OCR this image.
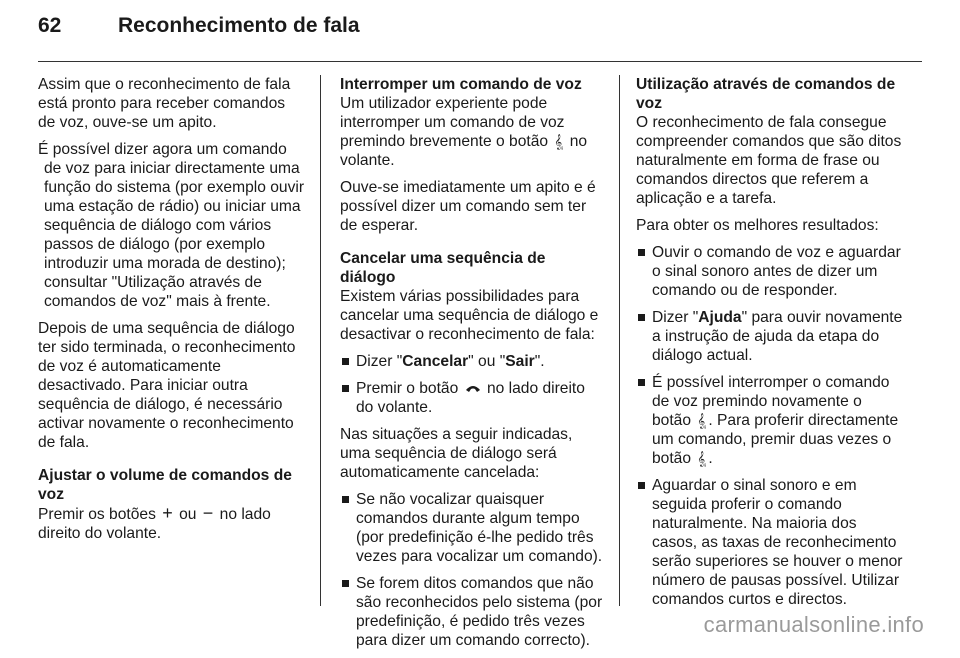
62	Reconhecimento de fala

Assim que o reconhecimento de fala está pronto para receber comandos de voz, ouve-se um apito.

É possível dizer agora um comando de voz para iniciar directamente uma função do sistema (por exemplo ouvir uma estação de rádio) ou iniciar uma sequência de diálogo com vários passos de diálogo (por exemplo introduzir uma morada de destino); consultar "Utilização através de comandos de voz" mais à frente.

Depois de uma sequência de diálogo ter sido terminada, o reconhecimento de voz é automaticamente desactivado. Para iniciar outra sequência de diálogo, é necessário activar novamente o reconhecimento de fala.

Ajustar o volume de comandos de voz

Premir os botões + ou − no lado direito do volante.

Interromper um comando de voz

Um utilizador experiente pode interromper um comando de voz premindo brevemente o botão 𝄠 no volante.

Ouve-se imediatamente um apito e é possível dizer um comando sem ter de esperar.

Cancelar uma sequência de diálogo

Existem várias possibilidades para cancelar uma sequência de diálogo e desactivar o reconhecimento de fala:

Dizer "Cancelar" ou "Sair".
Premir o botão no lado direito do volante.

Nas situações a seguir indicadas, uma sequência de diálogo será automaticamente cancelada:

Se não vocalizar quaisquer comandos durante algum tempo (por predefinição é-lhe pedido três vezes para vocalizar um comando).
Se forem ditos comandos que não são reconhecidos pelo sistema (por predefinição, é pedido três vezes para dizer um comando correcto).
Utilização através de comandos de voz

O reconhecimento de fala consegue compreender comandos que são ditos naturalmente em forma de frase ou comandos directos que referem a aplicação e a tarefa.

Para obter os melhores resultados:

Ouvir o comando de voz e aguardar o sinal sonoro antes de dizer um comando ou de responder.
Dizer "Ajuda" para ouvir novamente a instrução de ajuda da etapa do diálogo actual.
É possível interromper o comando de voz premindo novamente o botão 𝄠 . Para proferir directamente um comando, premir duas vezes o botão 𝄠 .
Aguardar o sinal sonoro e em seguida proferir o comando naturalmente. Na maioria dos casos, as taxas de reconhecimento serão superiores se houver o menor número de pausas possível. Utilizar comandos curtos e directos.
carmanualsonline.info
